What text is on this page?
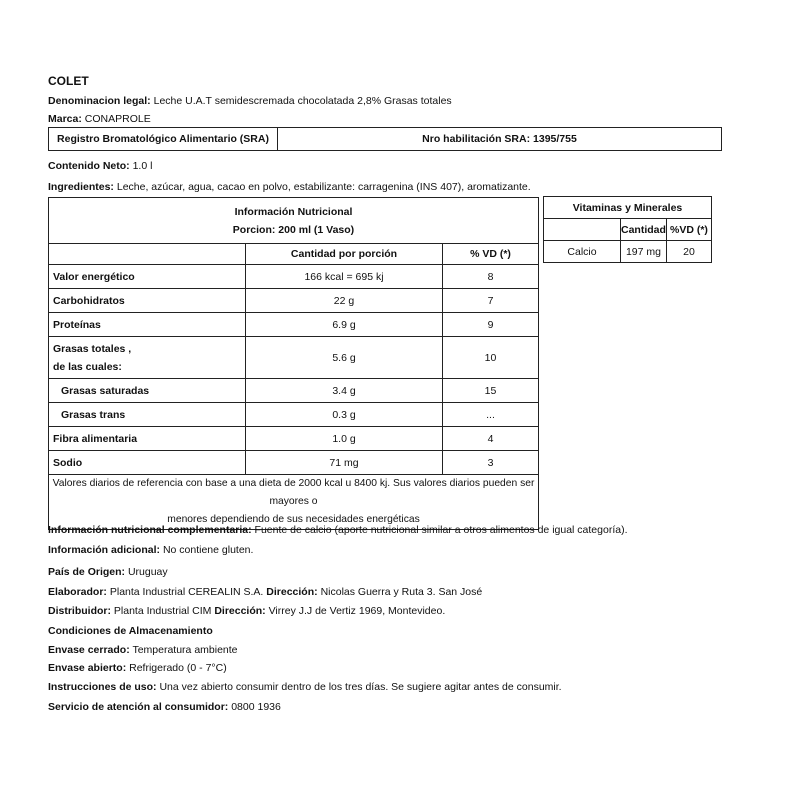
COLET
Denominacion legal: Leche U.A.T semidescremada chocolatada 2,8% Grasas totales
Marca: CONAPROLE
Registro Bromatológico Alimentario (SRA)	Nro habilitación SRA: 1395/755
Contenido Neto: 1.0 l
Ingredientes: Leche, azúcar, agua, cacao en polvo, estabilizante: carragenina (INS 407), aromatizante.
Información Nutricional
Porcion: 200 ml (1 Vaso)		

	Cantidad por porción	% VD (*)
Valor energético	166 kcal = 695 kj	8
Carbohidratos	22 g	7
Proteínas	6.9 g	9

Grasas totales ,
de las cuales:	5.6 g	10
Grasas saturadas	3.4 g	15
Grasas trans	0.3 g	...
Fibra alimentaria	1.0 g	4
Sodio	71 mg	3

Valores diarios de referencia con base a una dieta de 2000 kcal u 8400 kj. Sus valores diarios pueden ser mayores o
menores dependiendo de sus necesidades energéticas		
Vitaminas y Minerales		
	Cantidad	%VD (*)
Calcio	197 mg	20
Información nutricional complementaria: Fuente de calcio (aporte nutricional similar a otros alimentos de igual categoría).
Información adicional: No contiene gluten.
País de Origen: Uruguay
Elaborador: Planta Industrial CEREALIN S.A. Dirección: Nicolas Guerra y Ruta 3. San José
Distribuidor: Planta Industrial CIM Dirección: Virrey J.J de Vertiz 1969, Montevideo.
Condiciones de Almacenamiento
Envase cerrado: Temperatura ambiente
Envase abierto: Refrigerado (0 - 7°C)
Instrucciones de uso: Una vez abierto consumir dentro de los tres días. Se sugiere agitar antes de consumir.
Servicio de atención al consumidor: 0800 1936
